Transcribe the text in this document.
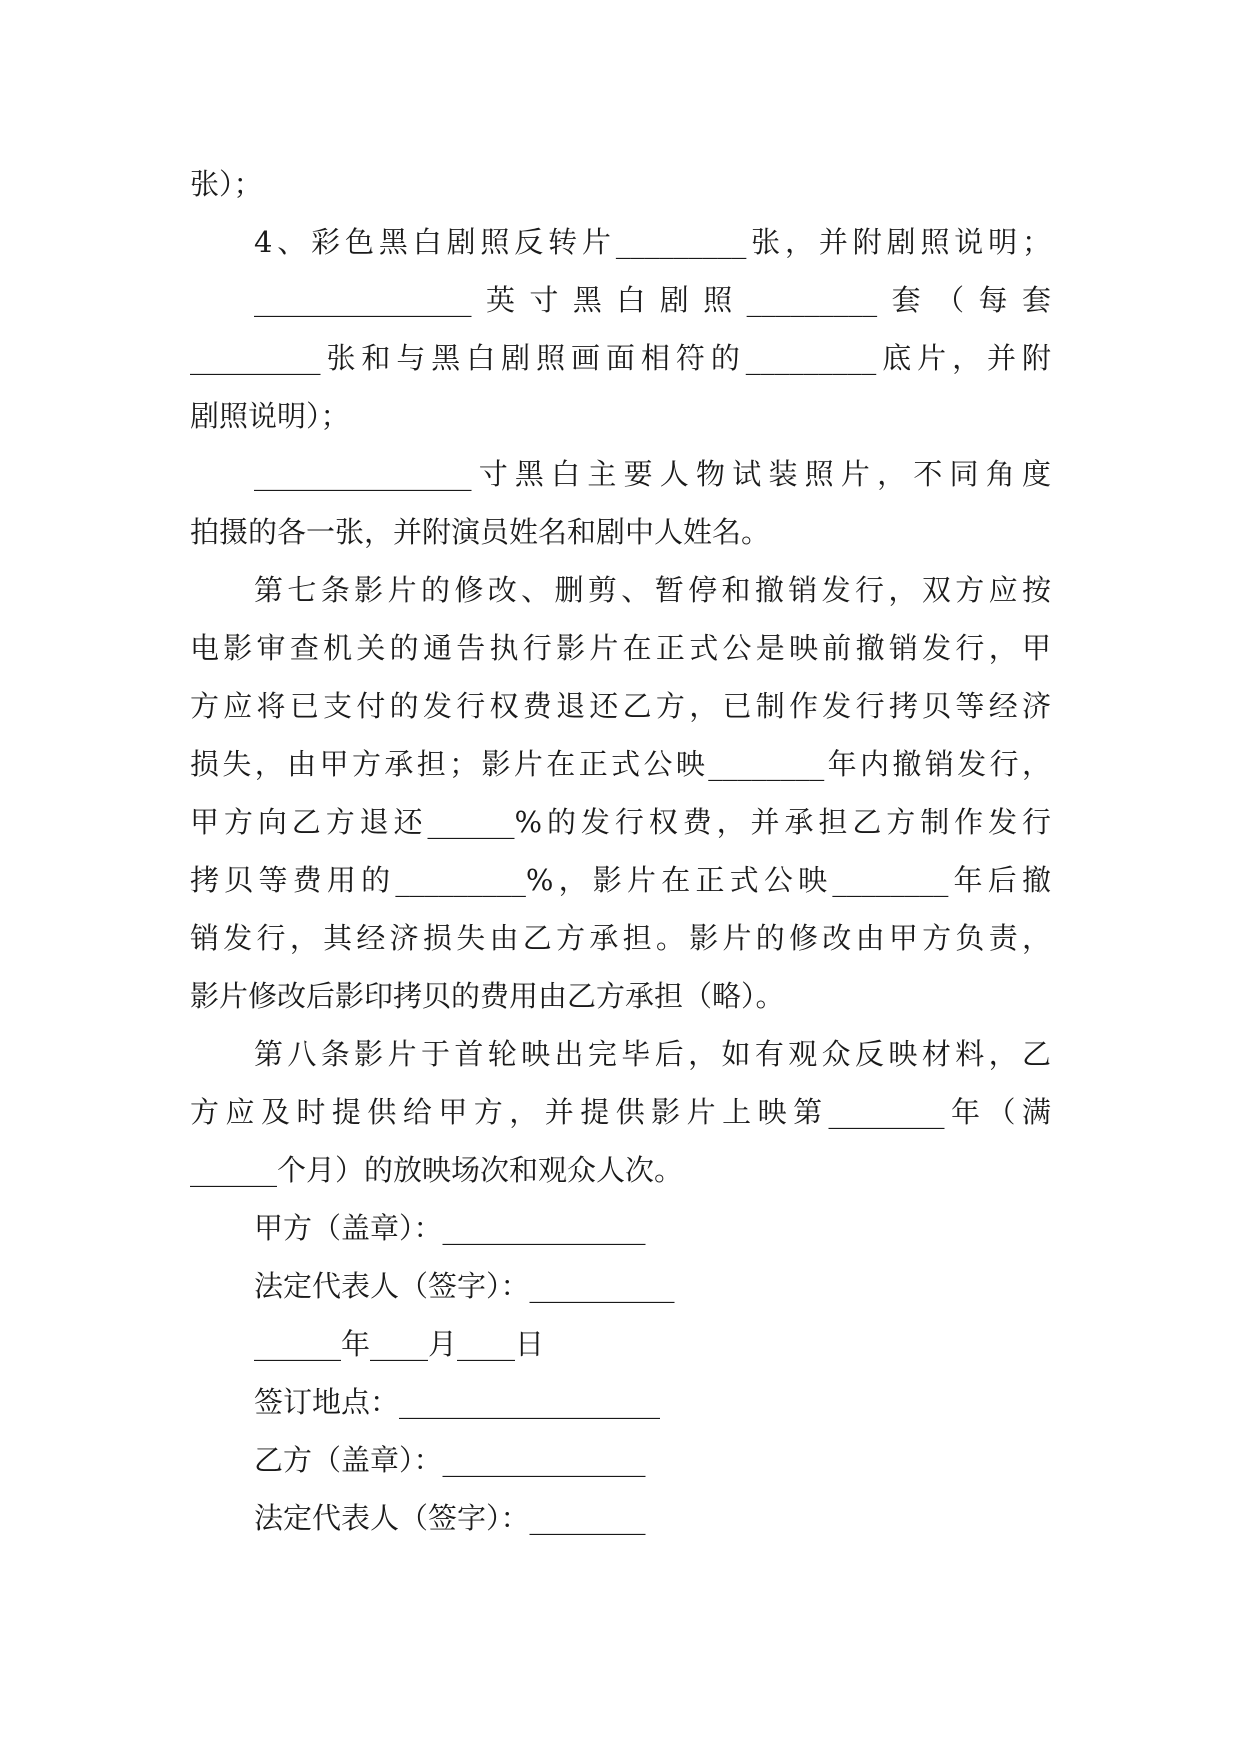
张）；
4、彩色黑白剧照反转片_________张，并附剧照说明；
_______________英寸黑白剧照_________套（每套
_________张和与黑白剧照画面相符的_________底片，并附
剧照说明）；
_______________寸黑白主要人物试装照片，不同角度
拍摄的各一张，并附演员姓名和剧中人姓名。
第七条影片的修改、删剪、暂停和撤销发行，双方应按
电影审查机关的通告执行影片在正式公是映前撤销发行，甲
方应将已支付的发行权费退还乙方，已制作发行拷贝等经济
损失，由甲方承担；影片在正式公映________年内撤销发行，
甲方向乙方退还______%的发行权费，并承担乙方制作发行
拷贝等费用的_________%，影片在正式公映________年后撤
销发行，其经济损失由乙方承担。影片的修改由甲方负责，
影片修改后影印拷贝的费用由乙方承担（略）。
第八条影片于首轮映出完毕后，如有观众反映材料，乙
方应及时提供给甲方，并提供影片上映第________年（满
______个月）的放映场次和观众人次。
甲方（盖章）：______________
法定代表人（签字）：__________
______年____月____日
签订地点：__________________
乙方（盖章）：______________
法定代表人（签字）：________
